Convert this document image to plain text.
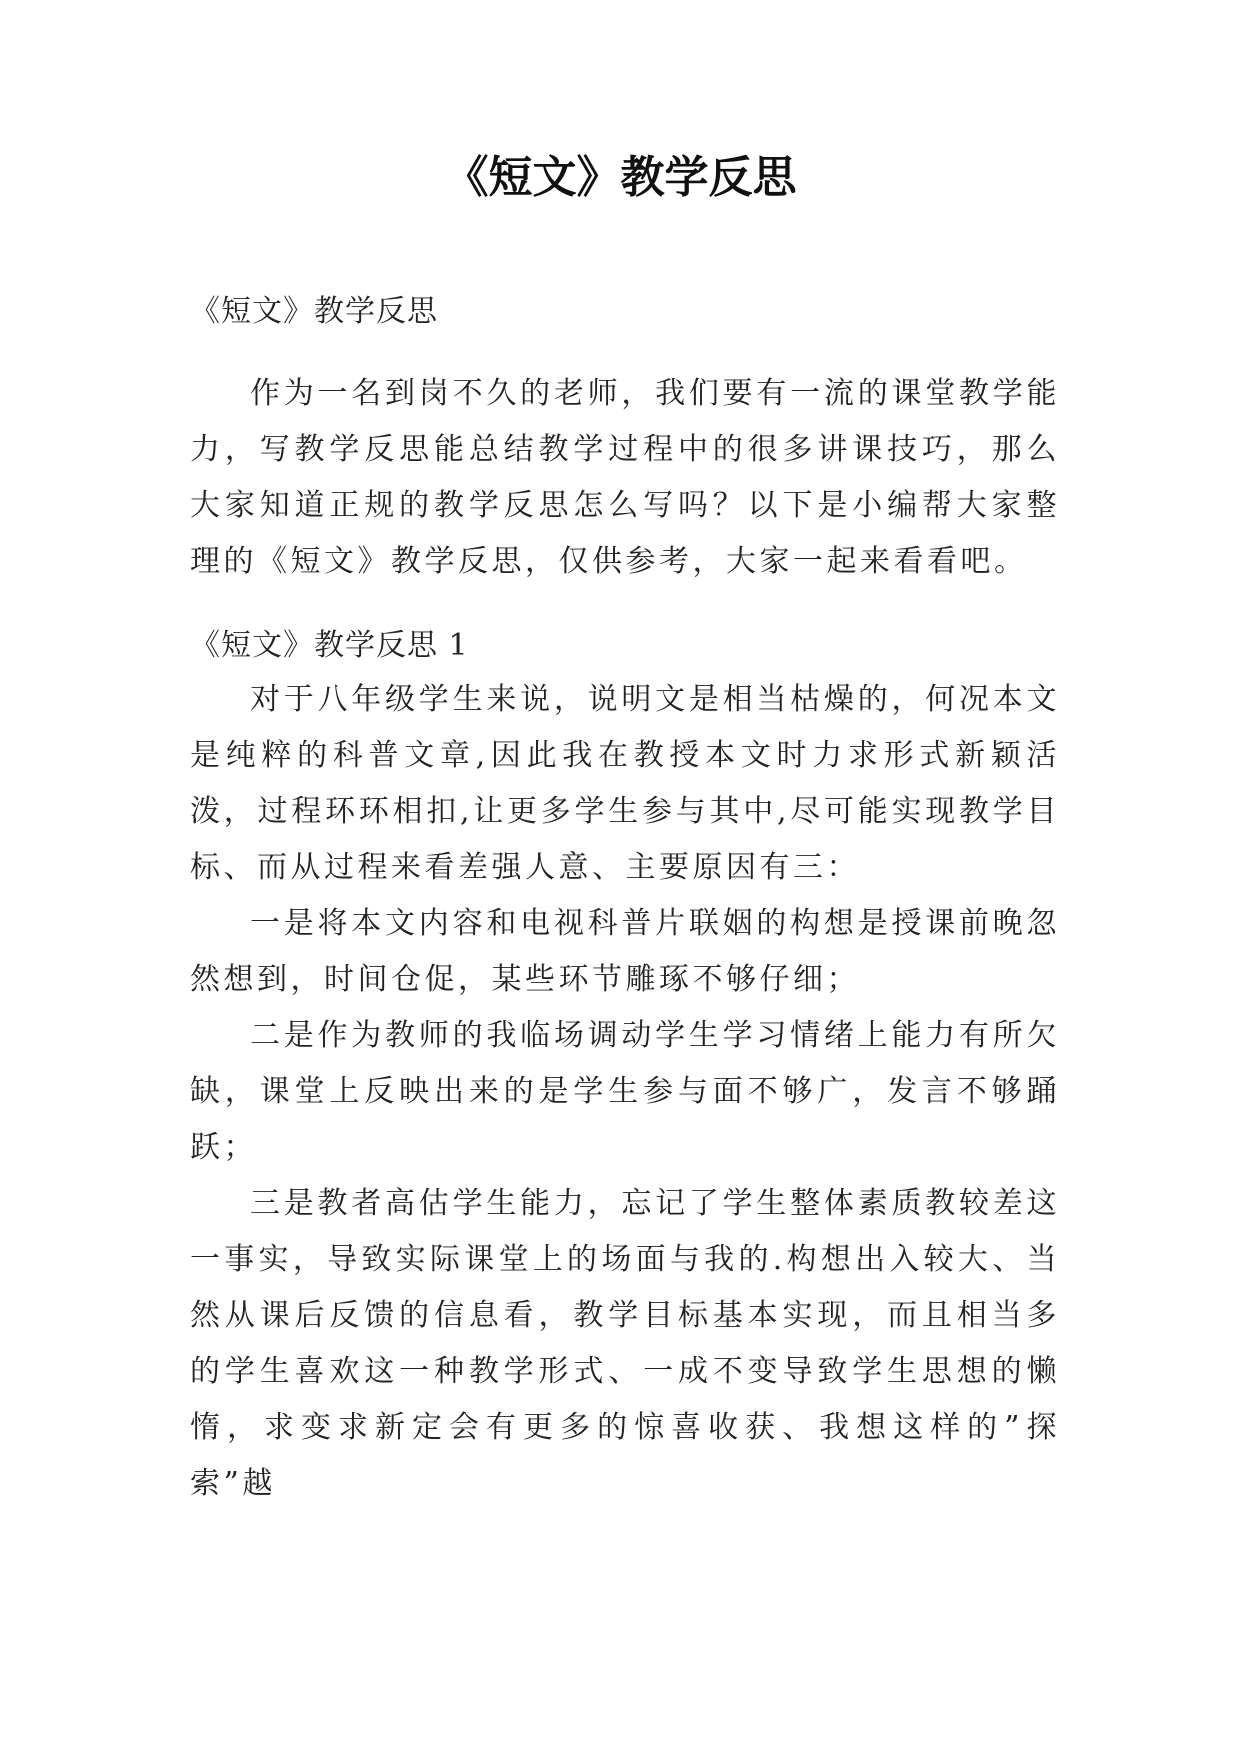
《短文》教学反思

《短文》教学反思

作为一名到岗不久的老师，我们要有一流的课堂教学能力，写教学反思能总结教学过程中的很多讲课技巧，那么大家知道正规的教学反思怎么写吗？以下是小编帮大家整理的《短文》教学反思，仅供参考，大家一起来看看吧。

《短文》教学反思 1

对于八年级学生来说，说明文是相当枯燥的，何况本文是纯粹的科普文章,因此我在教授本文时力求形式新颖活泼，过程环环相扣,让更多学生参与其中,尽可能实现教学目标、而从过程来看差强人意、主要原因有三：

一是将本文内容和电视科普片联姻的构想是授课前晚忽然想到，时间仓促，某些环节雕琢不够仔细；

二是作为教师的我临场调动学生学习情绪上能力有所欠缺，课堂上反映出来的是学生参与面不够广，发言不够踊跃；

三是教者高估学生能力，忘记了学生整体素质教较差这一事实，导致实际课堂上的场面与我的.构想出入较大、当然从课后反馈的信息看，教学目标基本实现，而且相当多的学生喜欢这一种教学形式、一成不变导致学生思想的懒惰，求变求新定会有更多的惊喜收获、我想这样的”探索”越
